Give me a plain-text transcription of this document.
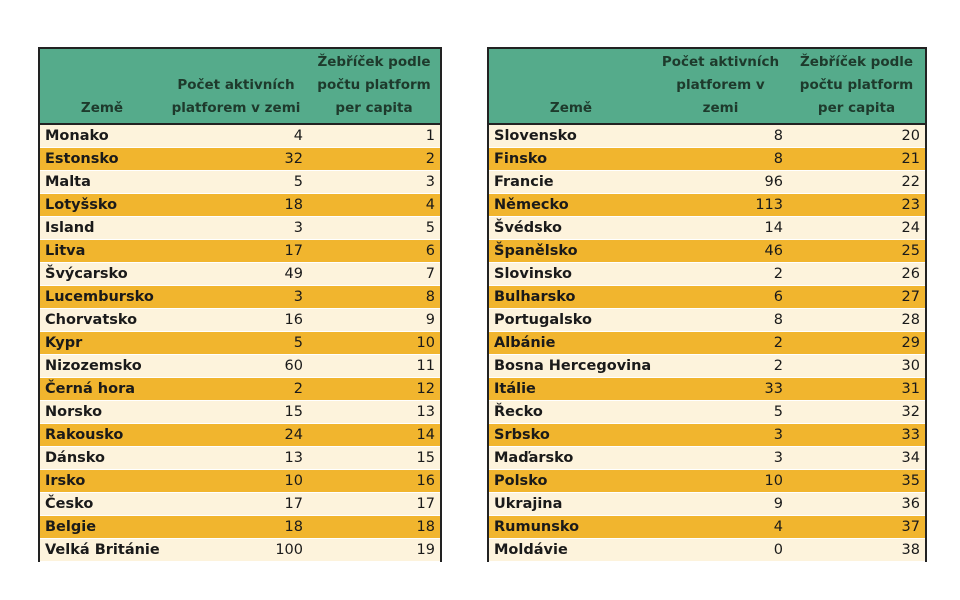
Země	Počet aktivních platforem v zemi	Žebříček podle počtu platform per capita
Monako	4	1
Estonsko	32	2
Malta	5	3
Lotyšsko	18	4
Island	3	5
Litva	17	6
Švýcarsko	49	7
Lucembursko	3	8
Chorvatsko	16	9
Kypr	5	10
Nizozemsko	60	11
Černá hora	2	12
Norsko	15	13
Rakousko	24	14
Dánsko	13	15
Irsko	10	16
Česko	17	17
Belgie	18	18
Velká Británie	100	19
Země	Počet aktivních platforem v zemi	Žebříček podle počtu platform per capita
Slovensko	8	20
Finsko	8	21
Francie	96	22
Německo	113	23
Švédsko	14	24
Španělsko	46	25
Slovinsko	2	26
Bulharsko	6	27
Portugalsko	8	28
Albánie	2	29
Bosna Hercegovina	2	30
Itálie	33	31
Řecko	5	32
Srbsko	3	33
Maďarsko	3	34
Polsko	10	35
Ukrajina	9	36
Rumunsko	4	37
Moldávie	0	38
